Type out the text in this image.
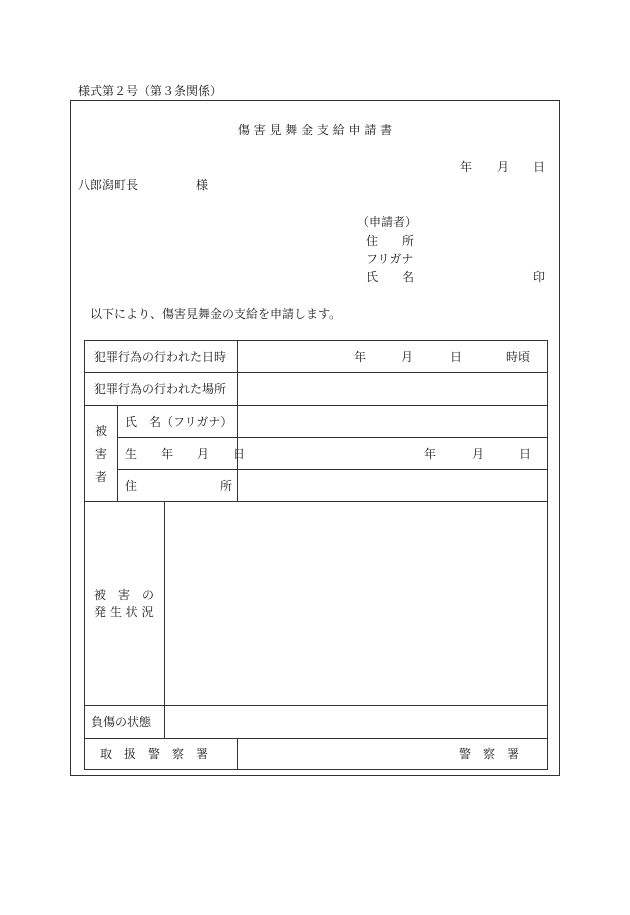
様式第２号（第３条関係）
傷 害 見 舞 金 支 給 申 請 書
年 月 日
八郎潟町長	様
（申請者）
住　　所
フリガナ
氏　　名	印
以下により、傷害見舞金の支給を申請します。
犯罪行為の行われた日時	年	月	日	時頃
犯罪行為の行われた場所
被
害
者
氏　名（フリガナ）
生　　年　　月　　日	年	月	日
住	所
被　害　の
発 生 状 況
負傷の状態
取　扱　警　察　署	警　察　署
